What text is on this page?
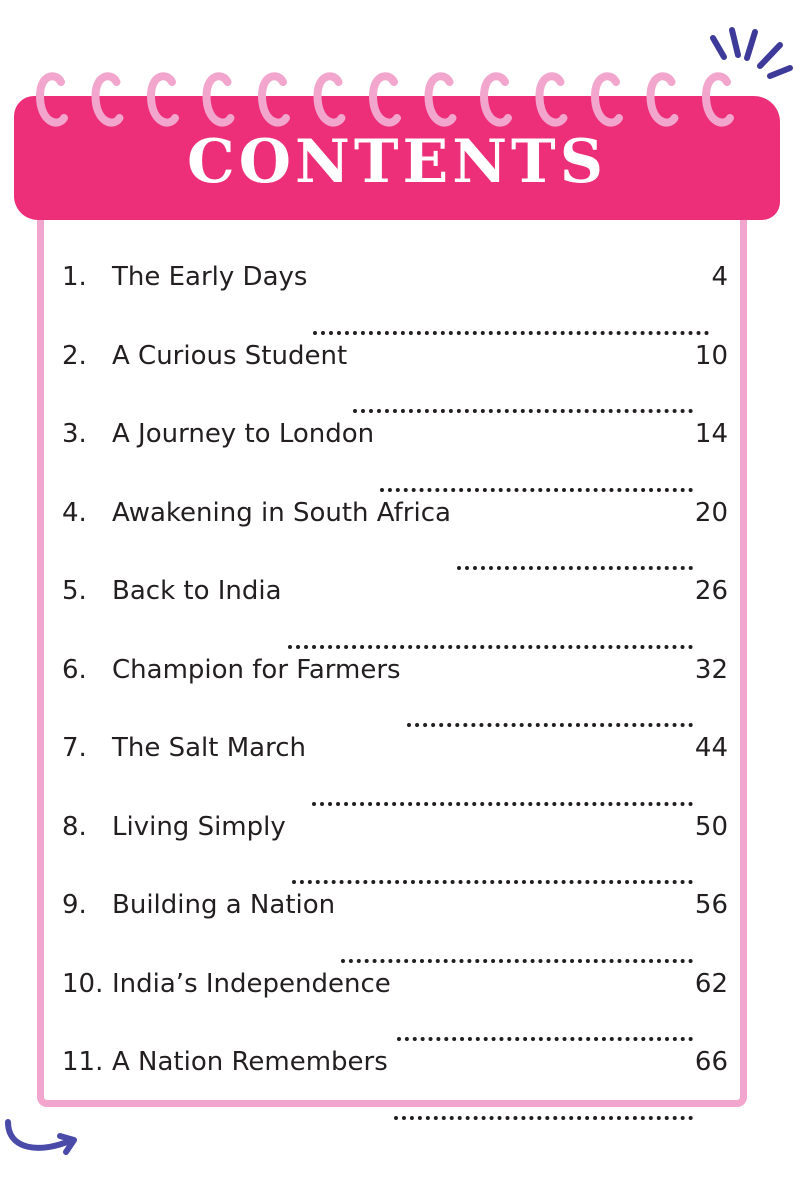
CONTENTS
1. The Early Days	4
2. A Curious Student	10
3. A Journey to London	14
4. Awakening in South Africa	20
5. Back to India	26
6. Champion for Farmers	32
7. The Salt March	44
8. Living Simply	50
9. Building a Nation	56
10. India’s Independence	62
11. A Nation Remembers	66
